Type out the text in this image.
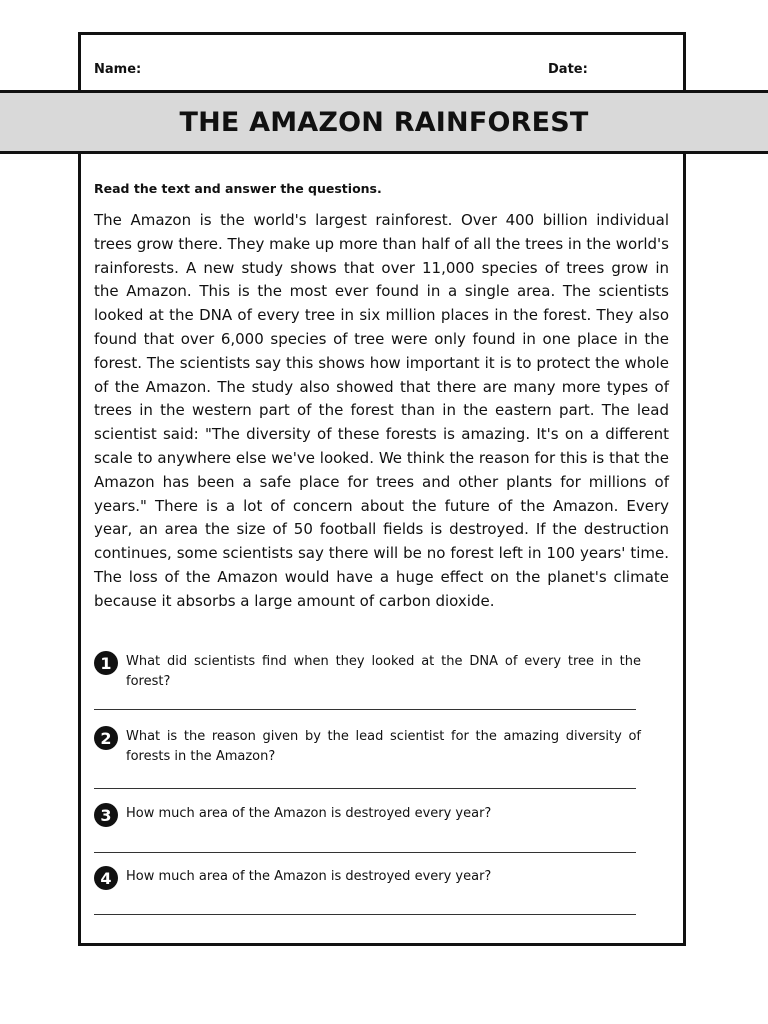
Name:	Date:
THE AMAZON RAINFOREST
Read the text and answer the questions.

The Amazon is the world's largest rainforest. Over 400 billion individual trees grow there. They make up more than half of all the trees in the world's rainforests. A new study shows that over 11,000 species of trees grow in the Amazon. This is the most ever found in a single area. The scientists looked at the DNA of every tree in six million places in the forest. They also found that over 6,000 species of tree were only found in one place in the forest. The scientists say this shows how important it is to protect the whole of the Amazon. The study also showed that there are many more types of trees in the western part of the forest than in the eastern part. The lead scientist said: "The diversity of these forests is amazing. It's on a different scale to anywhere else we've looked. We think the reason for this is that the Amazon has been a safe place for trees and other plants for millions of years." There is a lot of concern about the future of the Amazon. Every year, an area the size of 50 football fields is destroyed. If the destruction continues, some scientists say there will be no forest left in 100 years' time. The loss of the Amazon would have a huge effect on the planet's climate because it absorbs a large amount of carbon dioxide.

1	What did scientists find when they looked at the DNA of every tree in the forest?
2	What is the reason given by the lead scientist for the amazing diversity of forests in the Amazon?
3	How much area of the Amazon is destroyed every year?
4	How much area of the Amazon is destroyed every year?
